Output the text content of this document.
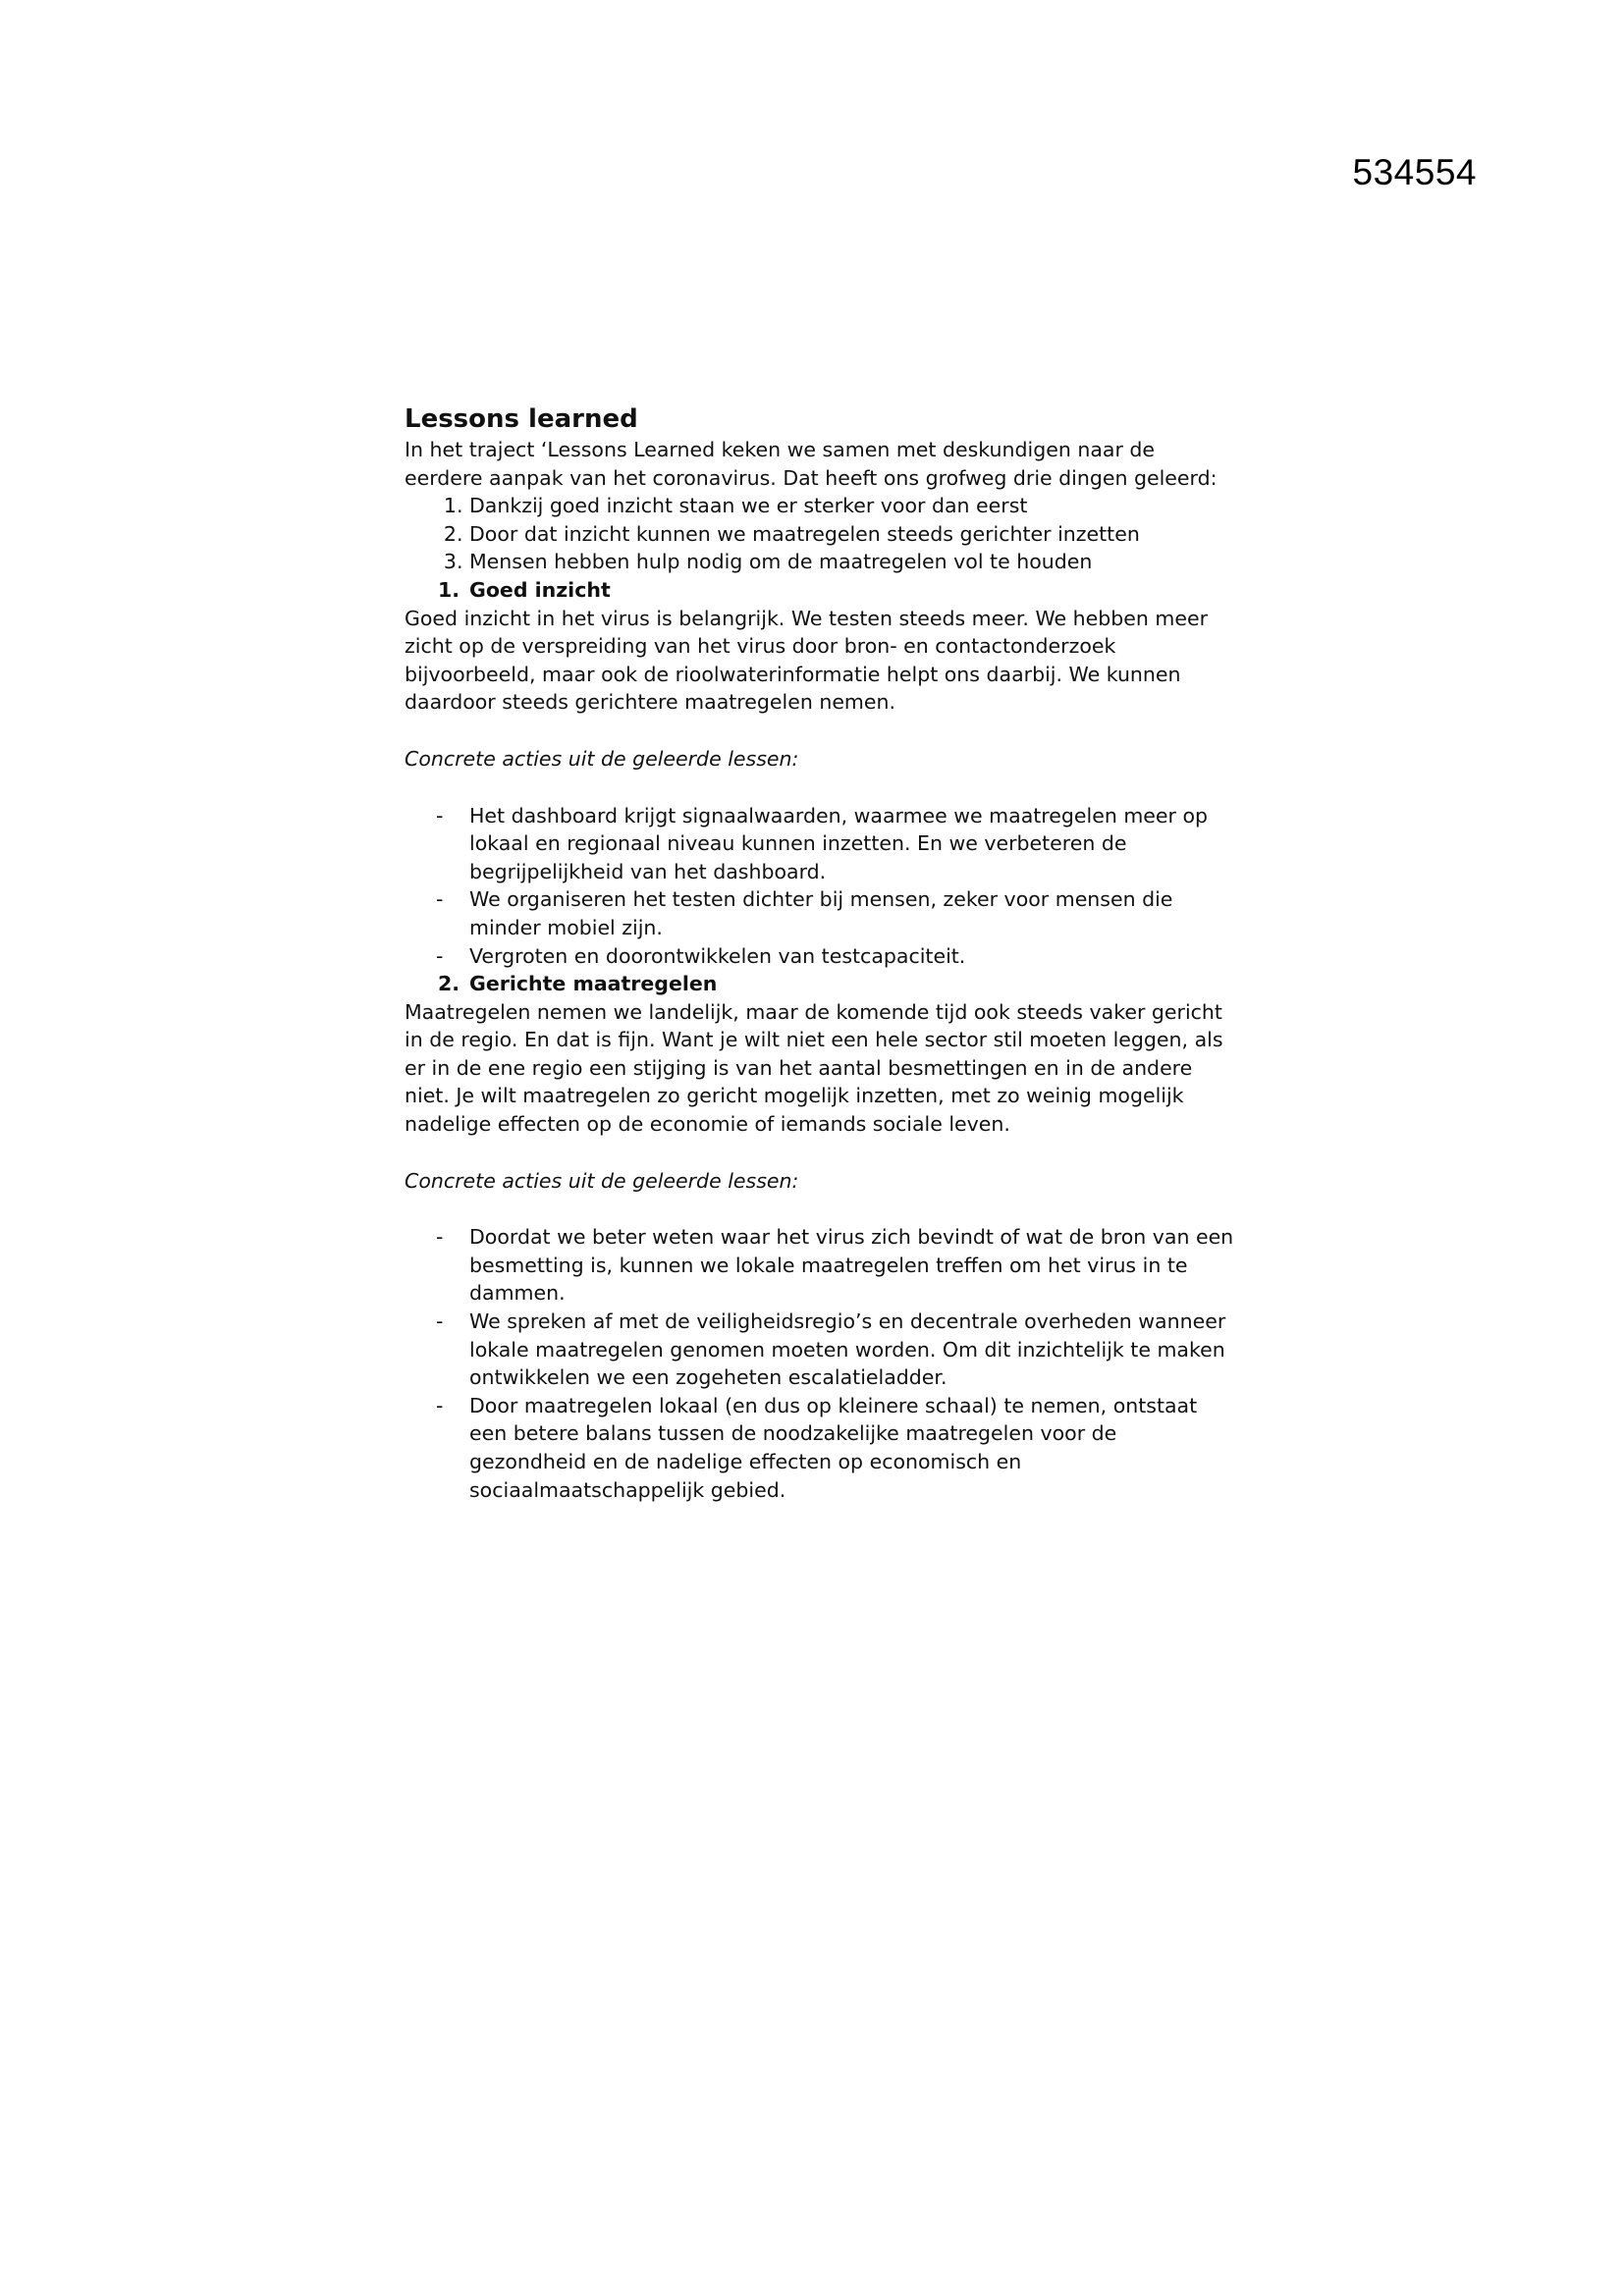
534554

Lessons learned

In het traject ‘Lessons Learned keken we samen met deskundigen naar de eerdere aanpak van het coronavirus. Dat heeft ons grofweg drie dingen geleerd:

1. Dankzij goed inzicht staan we er sterker voor dan eerst
2. Door dat inzicht kunnen we maatregelen steeds gerichter inzetten
3. Mensen hebben hulp nodig om de maatregelen vol te houden

1. Goed inzicht

Goed inzicht in het virus is belangrijk. We testen steeds meer. We hebben meer zicht op de verspreiding van het virus door bron- en contactonderzoek bijvoorbeeld, maar ook de rioolwaterinformatie helpt ons daarbij. We kunnen daardoor steeds gerichtere maatregelen nemen.

Concrete acties uit de geleerde lessen:

- Het dashboard krijgt signaalwaarden, waarmee we maatregelen meer op lokaal en regionaal niveau kunnen inzetten. En we verbeteren de begrijpelijkheid van het dashboard.
- We organiseren het testen dichter bij mensen, zeker voor mensen die minder mobiel zijn.
- Vergroten en doorontwikkelen van testcapaciteit.

2. Gerichte maatregelen

Maatregelen nemen we landelijk, maar de komende tijd ook steeds vaker gericht in de regio. En dat is fijn. Want je wilt niet een hele sector stil moeten leggen, als er in de ene regio een stijging is van het aantal besmettingen en in de andere niet. Je wilt maatregelen zo gericht mogelijk inzetten, met zo weinig mogelijk nadelige effecten op de economie of iemands sociale leven.

Concrete acties uit de geleerde lessen:

- Doordat we beter weten waar het virus zich bevindt of wat de bron van een besmetting is, kunnen we lokale maatregelen treffen om het virus in te dammen.
- We spreken af met de veiligheidsregio’s en decentrale overheden wanneer lokale maatregelen genomen moeten worden. Om dit inzichtelijk te maken ontwikkelen we een zogeheten escalatieladder.
- Door maatregelen lokaal (en dus op kleinere schaal) te nemen, ontstaat een betere balans tussen de noodzakelijke maatregelen voor de gezondheid en de nadelige effecten op economisch en sociaalmaatschappelijk gebied.
